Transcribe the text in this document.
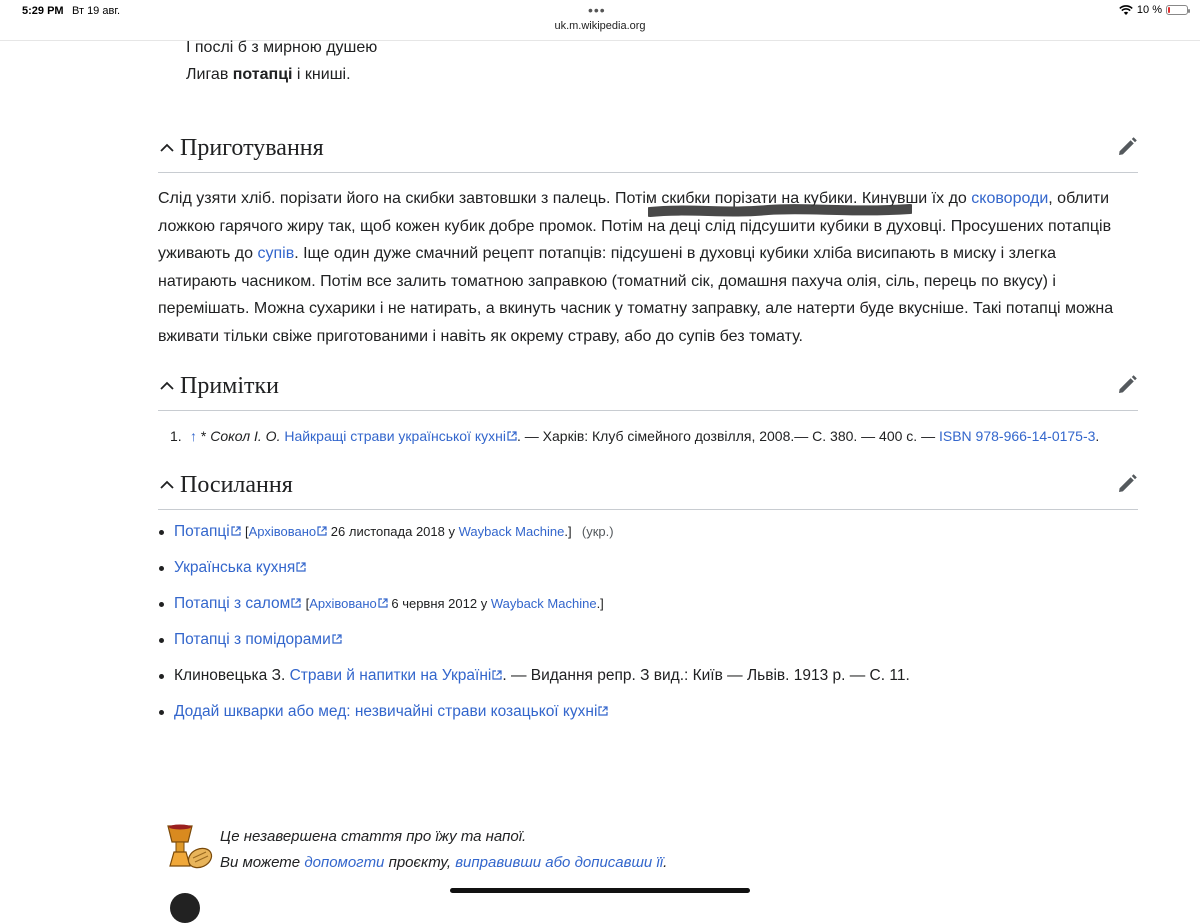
5:29 PM Вт 19 авг.	•••
uk.m.wikipedia.org
10 %
І послі б з мирною душею
Лигав потапці і книші.
Приготування
Слід узяти хліб. порізати його на скибки завтовшки з палець. Потім скибки порізати на кубики. Кинувши їх до сковороди, облити ложкою гарячого жиру так, щоб кожен кубик добре промок. Потім на деці слід підсушити кубики в духовці. Просушених потапців уживають до супів. Іще один дуже смачний рецепт потапців: підсушені в духовці кубики хліба висипають в миску і злегка натирають часником. Потім все залить томатною заправкою (томатний сік, домашня пахуча олія, сіль, перець по вкусу) і перемішать. Можна сухарики і не натирать, а вкинуть часник у томатну заправку, але натерти буде вкусніше. Такі потапці можна вживати тільки свіже приготованими і навіть як окрему страву, або до супів без томату.
Примітки
1. ↑ * Сокол І. О. Найкращі страви української кухні . — Харків: Клуб сімейного дозвілля, 2008.— С. 380. — 400 с. — ISBN 978-966-14-0175-3.
Посилання
Потапці [Архівовано 26 листопада 2018 у Wayback Machine.] (укр.)
Українська кухня
Потапці з салом [Архівовано 6 червня 2012 у Wayback Machine.]
Потапці з помідорами
Клиновецька З. Страви й напитки на Україні . — Видання репр. З вид.: Київ — Львів. 1913 р. — С. 11.
Додай шкварки або мед: незвичайні страви козацької кухні
Це незавершена стаття про їжу та напої.
Ви можете допомогти проєкту, виправивши або дописавши її.
